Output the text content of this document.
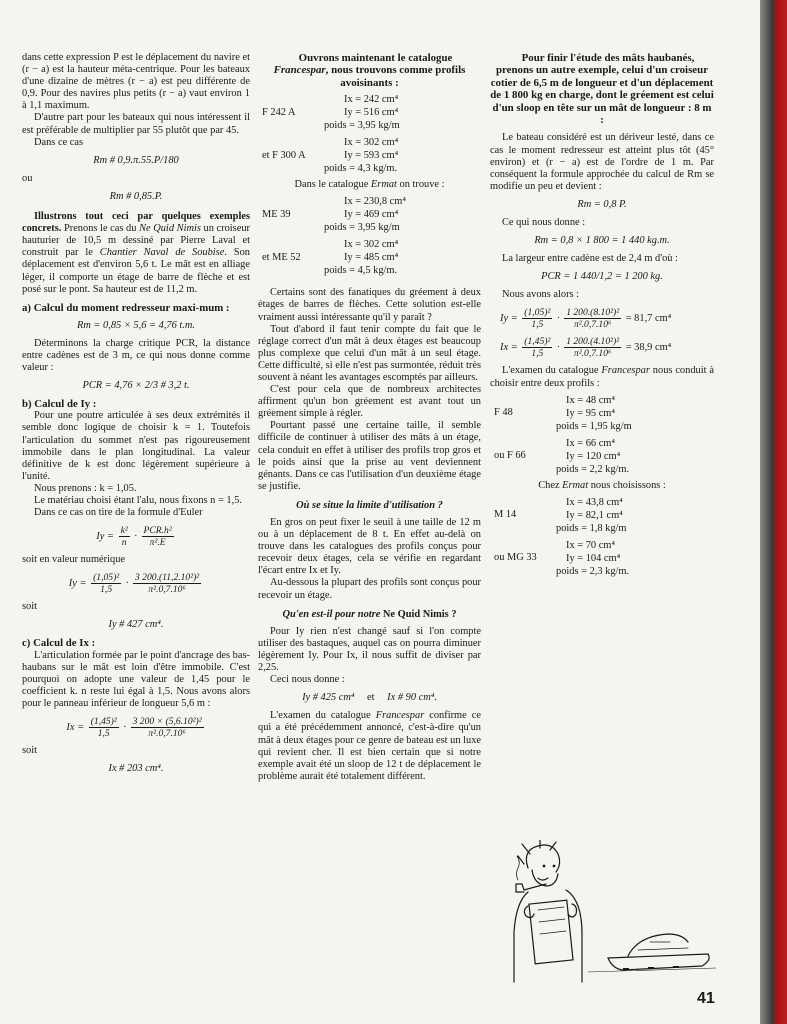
dans cette expression P est le déplacement du navire et (r − a) est la hauteur méta-centrique. Pour les bateaux d'une dizaine de mètres (r − a) est peu différente de 0,9. Pour des navires plus petits (r − a) vaut environ 1 à 1,1 maximum.

D'autre part pour les bateaux qui nous intéressent il est préférable de multiplier par 55 plutôt que par 45.

Dans ce cas

Rm # 0,9.π.55.P/180

ou

Rm # 0,85.P.

Illustrons tout ceci par quelques exemples concrets. Prenons le cas du Ne Quid Nimis un croiseur hauturier de 10,5 m dessiné par Pierre Laval et construit par le Chantier Naval de Soubise. Son déplacement est d'environ 5,6 t. Le mât est en alliage léger, il comporte un étage de barre de flèche et est posé sur le pont. Sa hauteur est de 11,2 m.

a) Calcul du moment redresseur maxi-mum :

Rm = 0,85 × 5,6 = 4,76 t.m.

Déterminons la charge critique PCR, la distance entre cadènes est de 3 m, ce qui nous donne comme valeur :

PCR = 4,76 × 2/3 # 3,2 t.

b) Calcul de Iy :

Pour une poutre articulée à ses deux extrémités il semble donc logique de choisir k = 1. Toutefois l'articulation du sommet n'est pas rigoureusement immobile dans le plan longitudinal. La valeur définitive de k est donc légèrement supérieure à l'unité.

Nous prenons : k = 1,05.

Le matériau choisi étant l'alu, nous fixons n = 1,5.

Dans ce cas on tire de la formule d'Euler

$Iy = \frac{\text{k²}}{n} \cdot \frac{\text{PCR.h²}}{\text{π².E}}$

soit en valeur numérique

$Iy = \frac{\text{(1,05)²}}{1,5} \cdot \frac{\text{3 200.(11,2.10²)²}}{\text{π².0,7.10⁶}}$

soit

Iy # 427 cm⁴.

c) Calcul de Ix :

L'articulation formée par le point d'ancrage des bas-haubans sur le mât est loin d'être immobile. C'est pourquoi on adopte une valeur de 1,45 pour le coefficient k. n reste lui égal à 1,5. Nous avons alors pour le panneau inférieur de longueur 5,6 m :

$Ix = \frac{\text{(1,45)²}}{1,5} \cdot \frac{\text{3 200 × (5,6.10²)²}}{\text{π².0,7.10⁶}}$

soit

Ix # 203 cm⁴.

Ouvrons maintenant le catalogue Francespar, nous trouvons comme profils avoisinants :

F 242 A
Ix = 242 cm⁴
Iy = 516 cm⁴
poids = 3,95 kg/m
et F 300 A
Ix = 302 cm⁴
Iy = 593 cm⁴
poids = 4,3 kg/m.

Dans le catalogue Ermat on trouve :

ME 39
Ix = 230,8 cm⁴
Iy = 469 cm⁴
poids = 3,95 kg/m
et ME 52
Ix = 302 cm⁴
Iy = 485 cm⁴
poids = 4,5 kg/m.

Certains sont des fanatiques du gréement à deux étages de barres de flèches. Cette solution est-elle vraiment aussi intéressante qu'il y paraît ?

Tout d'abord il faut tenir compte du fait que le réglage correct d'un mât à deux étages est beaucoup plus complexe que celui d'un mât à un seul étage. Cette difficulté, si elle n'est pas surmontée, réduit très souvent à néant les avantages escomptés par ailleurs.

C'est pour cela que de nombreux architectes affirment qu'un bon gréement est avant tout un gréement simple à régler.

Pourtant passé une certaine taille, il semble difficile de continuer à utiliser des mâts à un étage, cela conduit en effet à utiliser des profils trop gros et le poids ainsi que la prise au vent deviennent génants. Dans ce cas l'utilisation d'un deuxième étage se justifie.

Où se situe la limite d'utilisation ?

En gros on peut fixer le seuil à une taille de 12 m ou à un déplacement de 8 t. En effet au-delà on trouve dans les catalogues des profils conçus pour recevoir deux étages, cela se vérifie en regardant l'écart entre Ix et Iy.

Au-dessous la plupart des profils sont conçus pour recevoir un étage.

Qu'en est-il pour notre Ne Quid Nimis ?

Pour Iy rien n'est changé sauf si l'on compte utiliser des bastaques, auquel cas on pourra diminuer légèrement Iy. Pour Ix, il nous suffit de diviser par 2,25.

Ceci nous donne :

Iy # 425 cm⁴ et Ix # 90 cm⁴.

L'examen du catalogue Francespar confirme ce qui a été précédemment annoncé, c'est-à-dire qu'un mât à deux étages pour ce genre de bateau est un luxe qui revient cher. Il est bien certain que si notre exemple avait été un sloop de 12 t de déplacement le problème aurait été totalement différent.

Pour finir l'étude des mâts haubanés, prenons un autre exemple, celui d'un croiseur cotier de 6,5 m de longueur et d'un déplacement de 1 800 kg en charge, dont le gréement est celui d'un sloop en tête sur un mât de longueur : 8 m :

Le bateau considéré est un dériveur lesté, dans ce cas le moment redresseur est atteint plus tôt (45° environ) et (r − a) est de l'ordre de 1 m. Par conséquent la formule approchée du calcul de Rm se modifie un peu et devient :

Rm = 0,8 P.

Ce qui nous donne :

Rm = 0,8 × 1 800 = 1 440 kg.m.

La largeur entre cadène est de 2,4 m d'où :

PCR = 1 440/1,2 = 1 200 kg.

Nous avons alors :

$Iy = \frac{\text{(1,05)²}}{1,5} \cdot \frac{\text{1 200.(8.10²)²}}{\text{π².0,7.10⁶}} = 81,7$ cm⁴
$Ix = \frac{\text{(1,45)²}}{1,5} \cdot \frac{\text{1 200.(4.10²)²}}{\text{π².0,7.10⁶}} = 38,9$ cm⁴

L'examen du catalogue Francespar nous conduit à choisir entre deux profils :

F 48
Ix = 48 cm⁴
Iy = 95 cm⁴
poids = 1,95 kg/m
ou F 66
Ix = 66 cm⁴
Iy = 120 cm⁴
poids = 2,2 kg/m.

Chez Ermat nous choisissons :

M 14
Ix = 43,8 cm⁴
Iy = 82,1 cm⁴
poids = 1,8 kg/m
ou MG 33
Ix = 70 cm⁴
Iy = 104 cm⁴
poids = 2,3 kg/m.
41
